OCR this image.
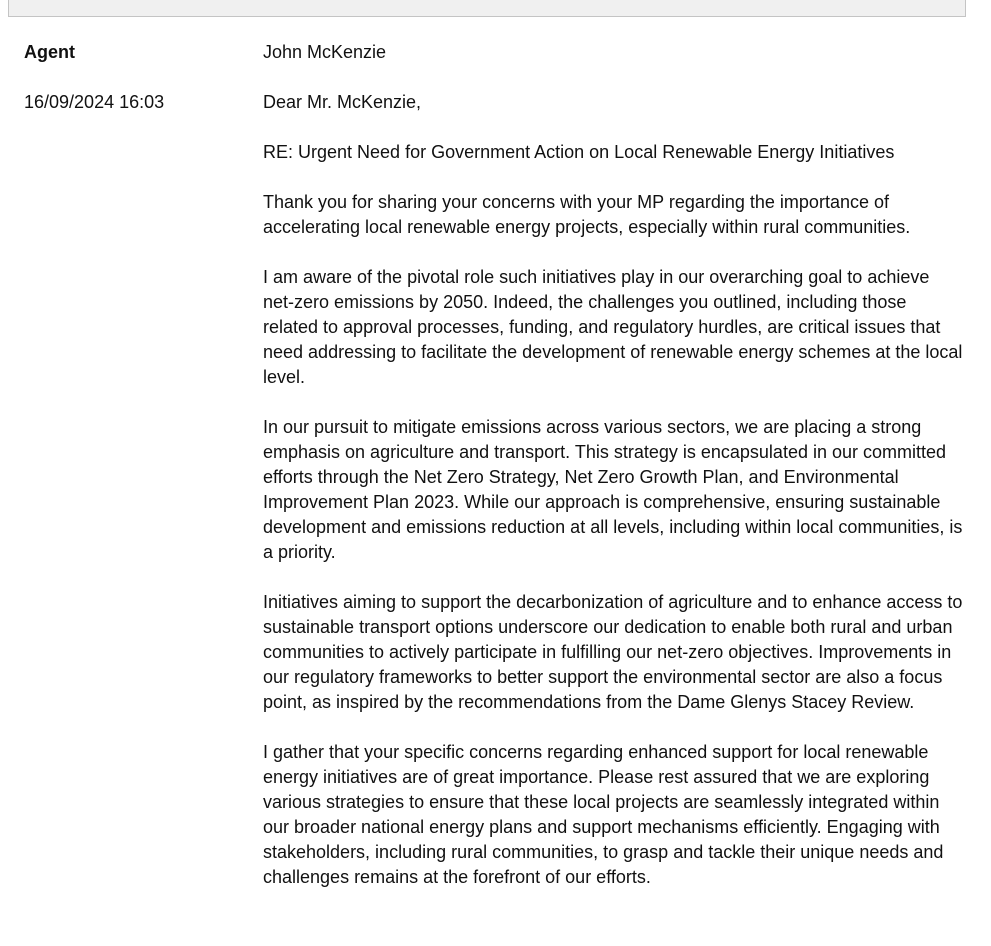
Agent
16/09/2024 16:03

John McKenzie

Dear Mr. McKenzie,

RE: Urgent Need for Government Action on Local Renewable Energy Initiatives

Thank you for sharing your concerns with your MP regarding the importance of accelerating local renewable energy projects, especially within rural communities.

I am aware of the pivotal role such initiatives play in our overarching goal to achieve net-zero emissions by 2050. Indeed, the challenges you outlined, including those related to approval processes, funding, and regulatory hurdles, are critical issues that need addressing to facilitate the development of renewable energy schemes at the local level.

In our pursuit to mitigate emissions across various sectors, we are placing a strong emphasis on agriculture and transport. This strategy is encapsulated in our committed efforts through the Net Zero Strategy, Net Zero Growth Plan, and Environmental Improvement Plan 2023. While our approach is comprehensive, ensuring sustainable development and emissions reduction at all levels, including within local communities, is a priority.

Initiatives aiming to support the decarbonization of agriculture and to enhance access to sustainable transport options underscore our dedication to enable both rural and urban communities to actively participate in fulfilling our net-zero objectives. Improvements in our regulatory frameworks to better support the environmental sector are also a focus point, as inspired by the recommendations from the Dame Glenys Stacey Review.

I gather that your specific concerns regarding enhanced support for local renewable energy initiatives are of great importance. Please rest assured that we are exploring various strategies to ensure that these local projects are seamlessly integrated within our broader national energy plans and support mechanisms efficiently. Engaging with stakeholders, including rural communities, to grasp and tackle their unique needs and challenges remains at the forefront of our efforts.
